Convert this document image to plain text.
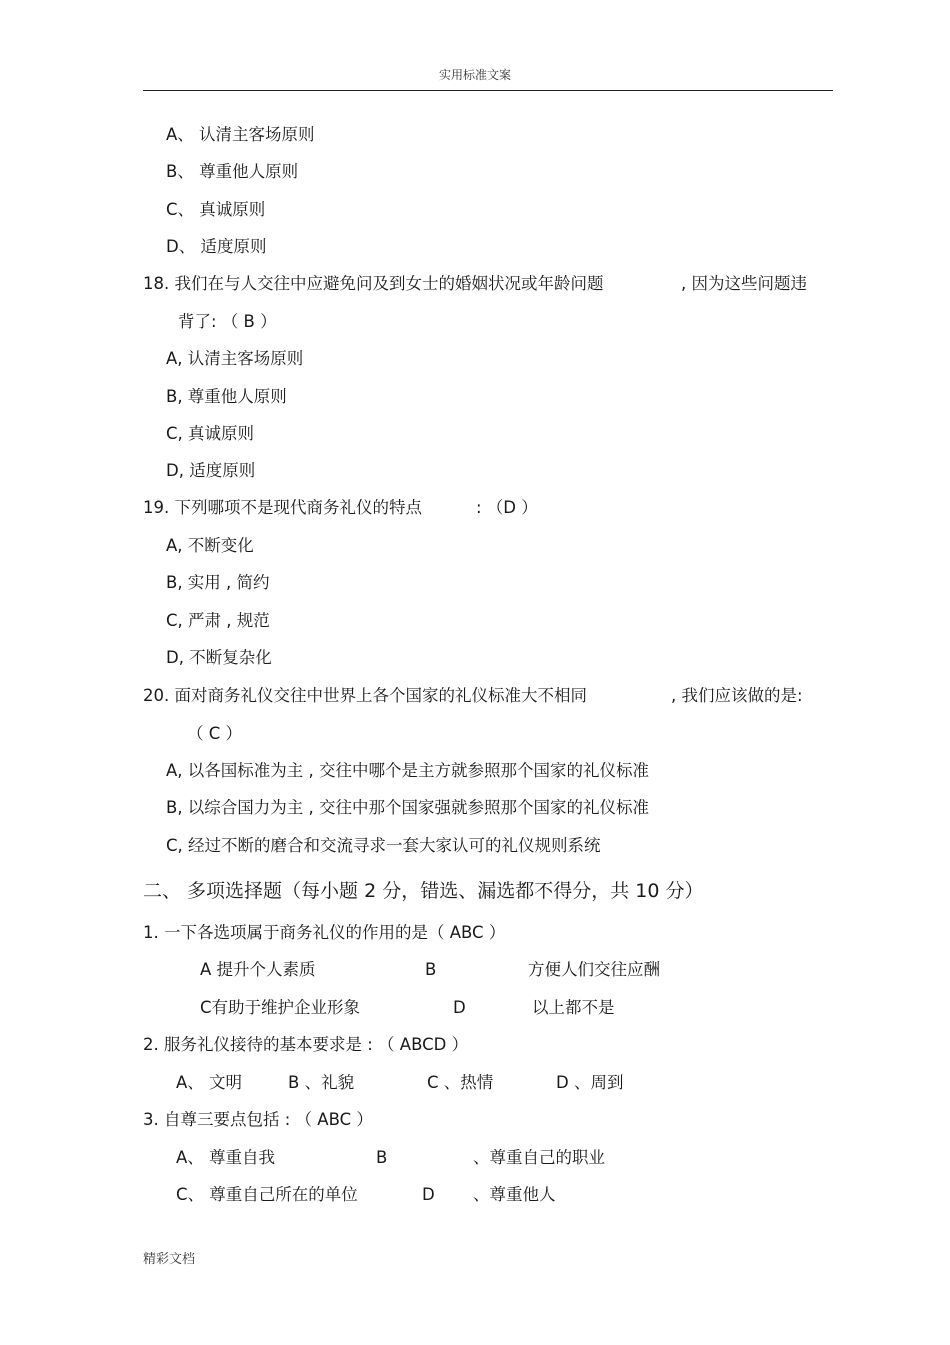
实用标准文案
A、 认清主客场原则
B、 尊重他人原则
C、 真诚原则
D、 适度原则
18. 我们在与人交往中应避免问及到女士的婚姻状况或年龄问题	, 因为这些问题违
背了: （ B ）
A, 认清主客场原则
B, 尊重他人原则
C, 真诚原则
D, 适度原则
19. 下列哪项不是现代商务礼仪的特点	: （D ）
A, 不断变化
B, 实用 , 简约
C, 严肃 , 规范
D, 不断复杂化
20. 面对商务礼仪交往中世界上各个国家的礼仪标准大不相同	, 我们应该做的是:
（ C ）
A, 以各国标准为主 , 交往中哪个是主方就参照那个国家的礼仪标准
B, 以综合国力为主 , 交往中那个国家强就参照那个国家的礼仪标准
C, 经过不断的磨合和交流寻求一套大家认可的礼仪规则系统
二、 多项选择题（每小题 2 分，错选、漏选都不得分，共 10 分）
1. 一下各选项属于商务礼仪的作用的是（ ABC ）
A 提升个人素质	B	方便人们交往应酬
C有助于维护企业形象	D	以上都不是
2. 服务礼仪接待的基本要求是 : （ ABCD ）
A、 文明	B 、礼貌	C 、热情	D 、周到
3. 自尊三要点包括 : （ ABC ）
A、 尊重自我	B	、尊重自己的职业
C、 尊重自己所在的单位	D 、尊重他人
精彩文档
